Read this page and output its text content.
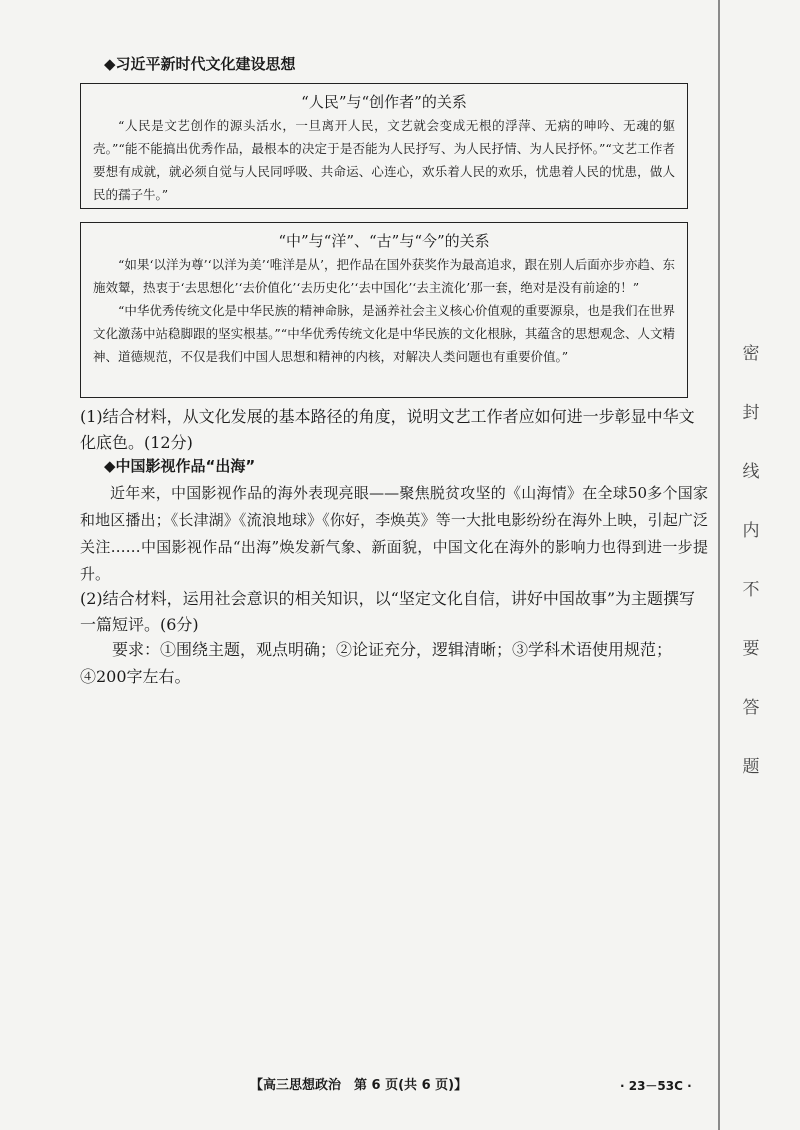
密
封
线
内
不
要
答
题
◆习近平新时代文化建设思想
“人民”与“创作者”的关系

“人民是文艺创作的源头活水，一旦离开人民，文艺就会变成无根的浮萍、无病的呻吟、无魂的躯壳。”“能不能搞出优秀作品，最根本的决定于是否能为人民抒写、为人民抒情、为人民抒怀。”“文艺工作者要想有成就，就必须自觉与人民同呼吸、共命运、心连心，欢乐着人民的欢乐，忧患着人民的忧患，做人民的孺子牛。”

“中”与“洋”、“古”与“今”的关系

“如果‘以洋为尊’‘以洋为美’‘唯洋是从’，把作品在国外获奖作为最高追求，跟在别人后面亦步亦趋、东施效颦，热衷于‘去思想化’‘去价值化’‘去历史化’‘去中国化’‘去主流化’那一套，绝对是没有前途的！”

“中华优秀传统文化是中华民族的精神命脉，是涵养社会主义核心价值观的重要源泉，也是我们在世界文化激荡中站稳脚跟的坚实根基。”“中华优秀传统文化是中华民族的文化根脉，其蕴含的思想观念、人文精神、道德规范，不仅是我们中国人思想和精神的内核，对解决人类问题也有重要价值。”

(1)结合材料，从文化发展的基本路径的角度，说明文艺工作者应如何进一步彰显中华文化底色。(12分)
◆中国影视作品“出海”

近年来，中国影视作品的海外表现亮眼——聚焦脱贫攻坚的《山海情》在全球50多个国家和地区播出；《长津湖》《流浪地球》《你好，李焕英》等一大批电影纷纷在海外上映，引起广泛关注……中国影视作品“出海”焕发新气象、新面貌，中国文化在海外的影响力也得到进一步提升。

(2)结合材料，运用社会意识的相关知识，以“坚定文化自信，讲好中国故事”为主题撰写一篇短评。(6分)
要求：①围绕主题，观点明确；②论证充分，逻辑清晰；③学科术语使用规范；④200字左右。
【高三思想政治　第 6 页(共 6 页)】	· 23－53C ·
